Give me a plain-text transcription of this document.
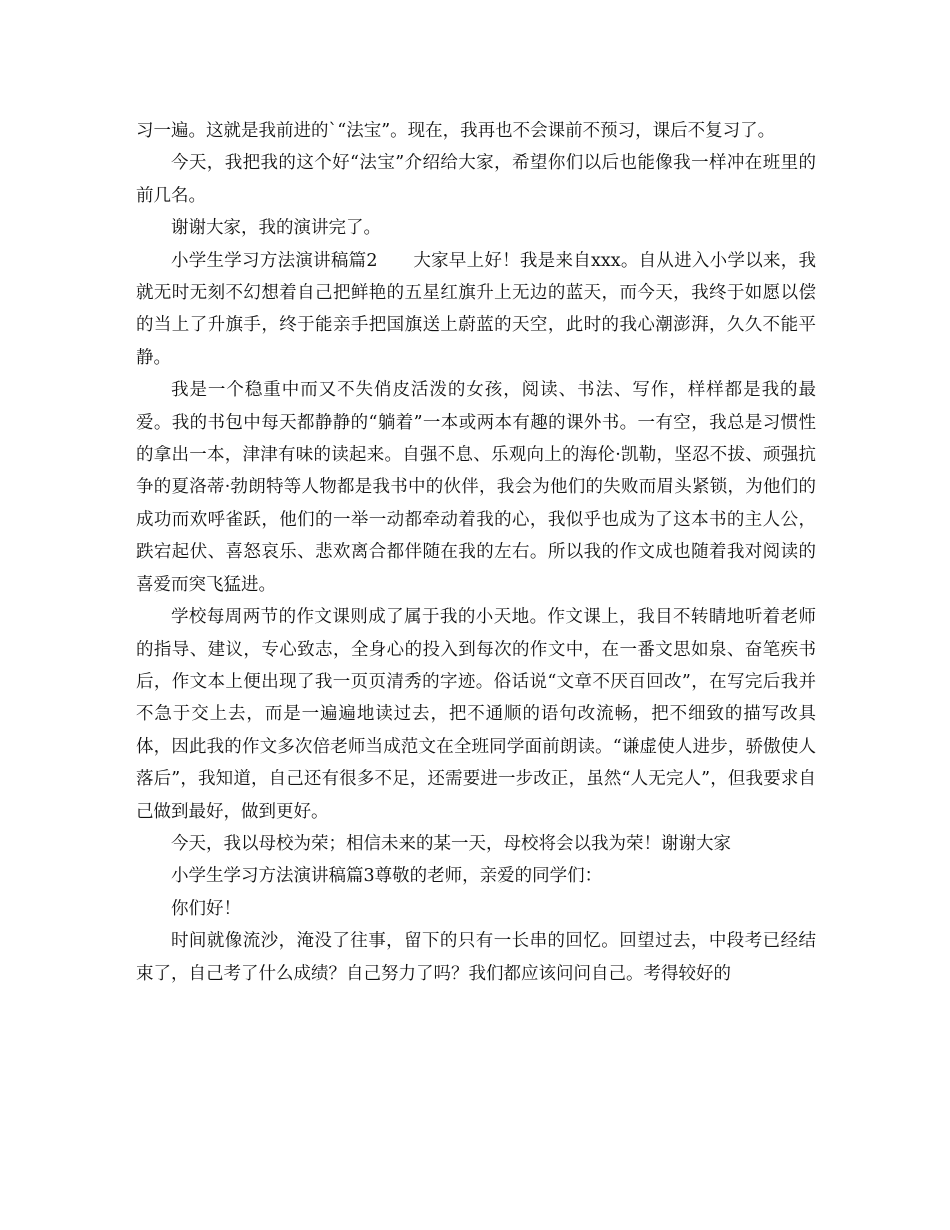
习一遍。这就是我前进的`“法宝”。现在，我再也不会课前不预习，课后不复习了。

今天，我把我的这个好“法宝”介绍给大家，希望你们以后也能像我一样冲在班里的前几名。

谢谢大家，我的演讲完了。

小学生学习方法演讲稿篇2　　大家早上好！我是来自xxx。自从进入小学以来，我就无时无刻不幻想着自己把鲜艳的五星红旗升上无边的蓝天，而今天，我终于如愿以偿的当上了升旗手，终于能亲手把国旗送上蔚蓝的天空，此时的我心潮澎湃，久久不能平静。

我是一个稳重中而又不失俏皮活泼的女孩，阅读、书法、写作，样样都是我的最爱。我的书包中每天都静静的“躺着”一本或两本有趣的课外书。一有空，我总是习惯性的拿出一本，津津有味的读起来。自强不息、乐观向上的海伦·凯勒，坚忍不拔、顽强抗争的夏洛蒂·勃朗特等人物都是我书中的伙伴，我会为他们的失败而眉头紧锁，为他们的成功而欢呼雀跃，他们的一举一动都牵动着我的心，我似乎也成为了这本书的主人公，跌宕起伏、喜怒哀乐、悲欢离合都伴随在我的左右。所以我的作文成也随着我对阅读的喜爱而突飞猛进。

学校每周两节的作文课则成了属于我的小天地。作文课上，我目不转睛地听着老师的指导、建议，专心致志，全身心的投入到每次的作文中，在一番文思如泉、奋笔疾书后，作文本上便出现了我一页页清秀的字迹。俗话说“文章不厌百回改”，在写完后我并不急于交上去，而是一遍遍地读过去，把不通顺的语句改流畅，把不细致的描写改具体，因此我的作文多次倍老师当成范文在全班同学面前朗读。“谦虚使人进步，骄傲使人落后”，我知道，自己还有很多不足，还需要进一步改正，虽然“人无完人”，但我要求自己做到最好，做到更好。

今天，我以母校为荣；相信未来的某一天，母校将会以我为荣！谢谢大家

小学生学习方法演讲稿篇3尊敬的老师，亲爱的同学们：

你们好！

时间就像流沙，淹没了往事，留下的只有一长串的回忆。回望过去，中段考已经结束了，自己考了什么成绩？自己努力了吗？我们都应该问问自己。考得较好的
